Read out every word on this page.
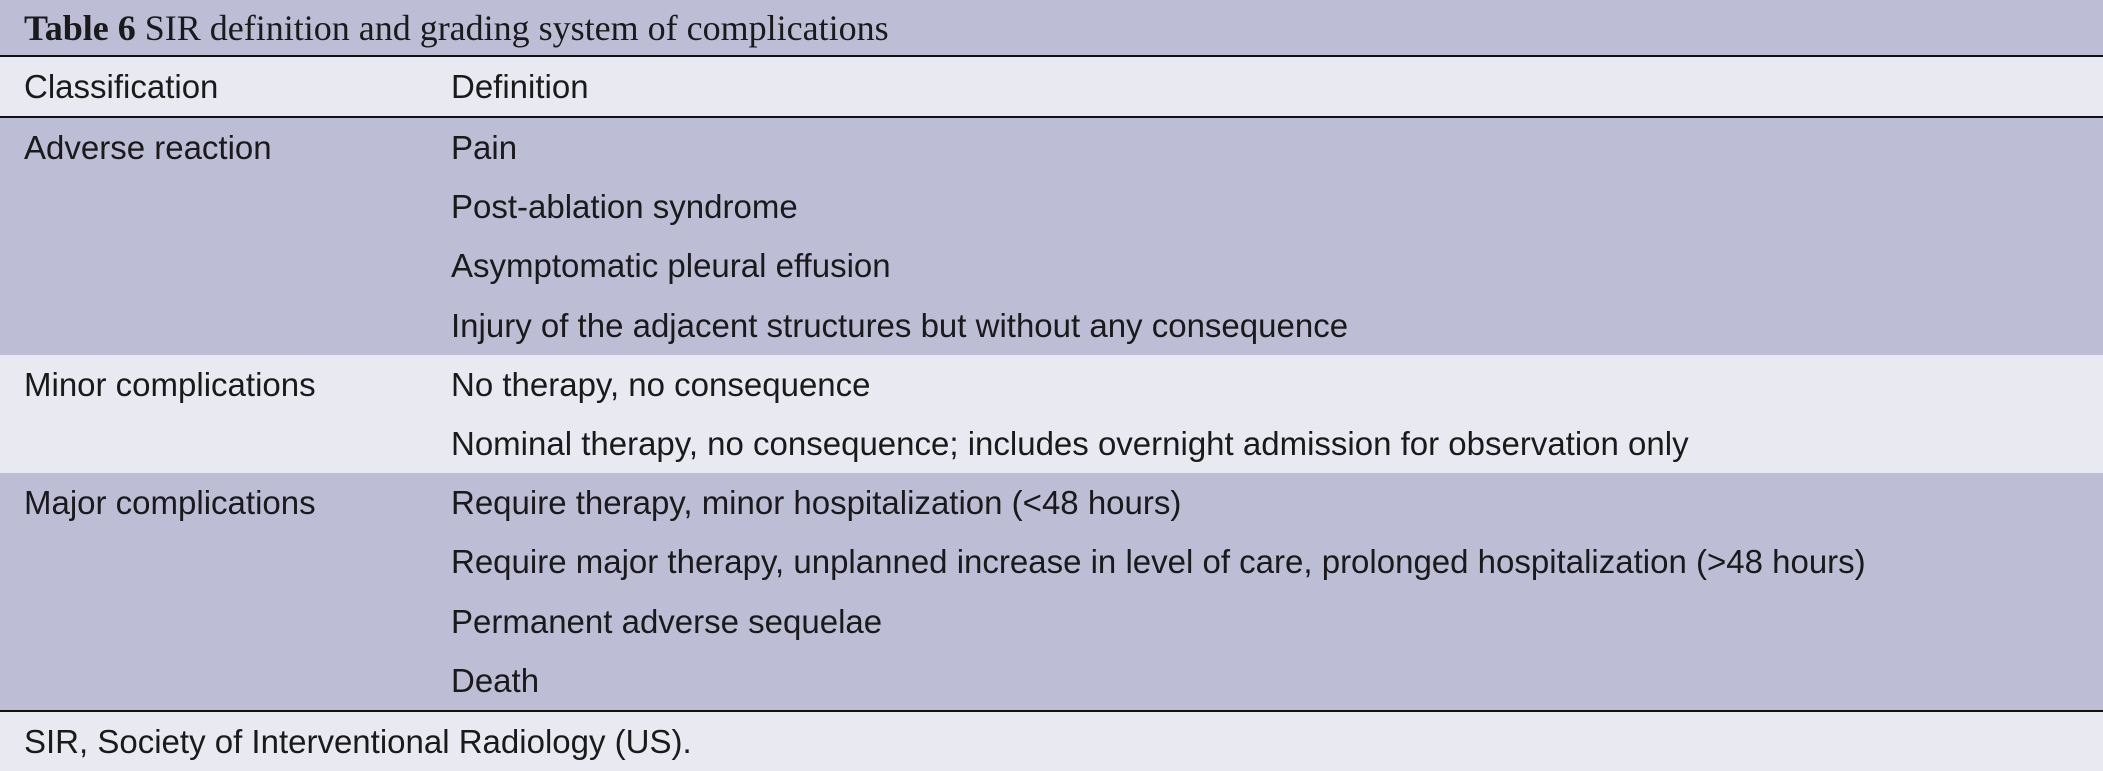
Table 6 SIR definition and grading system of complications
Classification	Definition
Adverse reaction	Pain
Post-ablation syndrome
Asymptomatic pleural effusion
Injury of the adjacent structures but without any consequence
Minor complications	No therapy, no consequence
Nominal therapy, no consequence; includes overnight admission for observation only
Major complications	Require therapy, minor hospitalization (<48 hours)
Require major therapy, unplanned increase in level of care, prolonged hospitalization (>48 hours)
Permanent adverse sequelae
Death
SIR, Society of Interventional Radiology (US).
